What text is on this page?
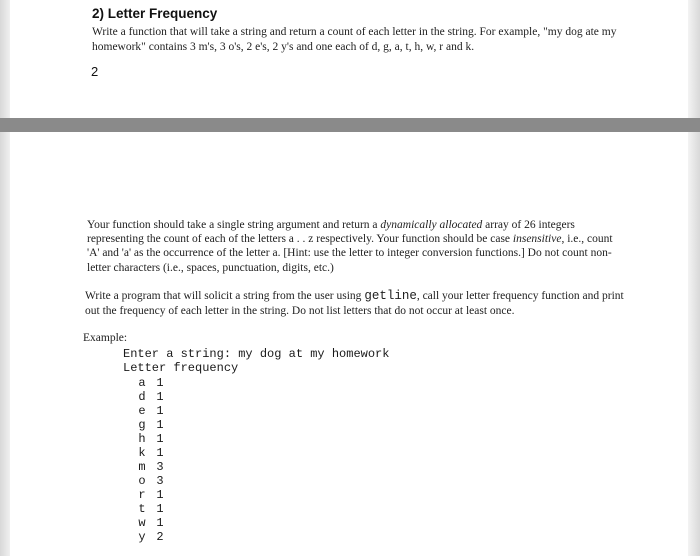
2) Letter Frequency
Write a function that will take a string and return a count of each letter in the string. For example, "my dog ate my homework" contains 3 m's, 3 o's, 2 e's, 2 y's and one each of d, g, a, t, h, w, r and k.
2
Your function should take a single string argument and return a dynamically allocated array of 26 integers representing the count of each of the letters a . . z respectively. Your function should be case insensitive, i.e., count 'A' and 'a' as the occurrence of the letter a. [Hint: use the letter to integer conversion functions.] Do not count non-letter characters (i.e., spaces, punctuation, digits, etc.)
Write a program that will solicit a string from the user using getline, call your letter frequency function and print out the frequency of each letter in the string. Do not list letters that do not occur at least once.
Example:
Enter a string: my dog at my homework
Letter frequency
a 1
d 1
e 1
g 1
h 1
k 1
m 3
o 3
r 1
t 1
w 1
y 2
